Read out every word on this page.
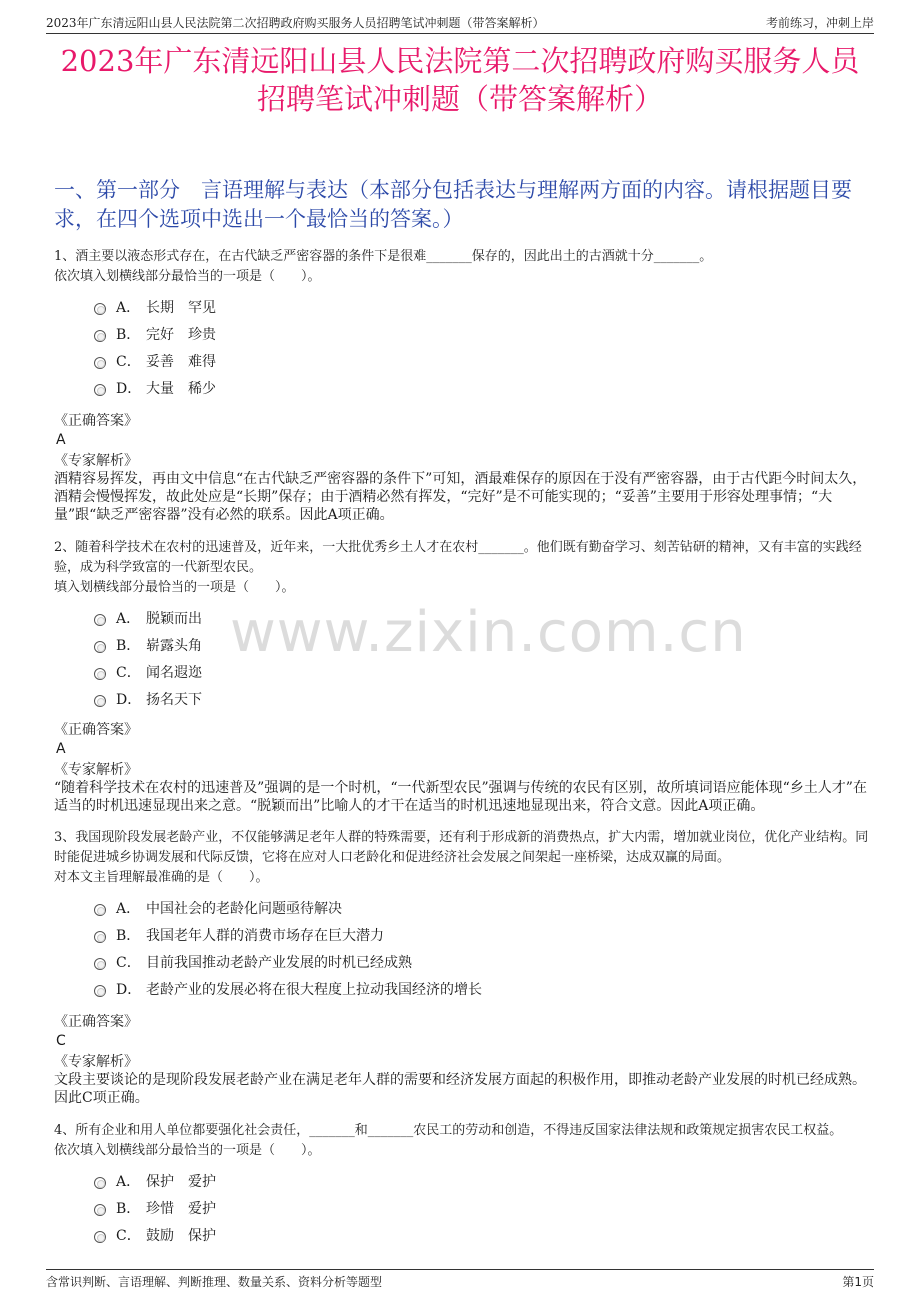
2023年广东清远阳山县人民法院第二次招聘政府购买服务人员招聘笔试冲刺题（带答案解析）	考前练习，冲刺上岸
2023年广东清远阳山县人民法院第二次招聘政府购买服务人员
招聘笔试冲刺题（带答案解析）
一、第一部分　言语理解与表达（本部分包括表达与理解两方面的内容。请根据题目要求，在四个选项中选出一个最恰当的答案。）
www.zixin.com.cn
1、酒主要以液态形式存在，在古代缺乏严密容器的条件下是很难_______保存的，因此出土的古酒就十分_______。
依次填入划横线部分最恰当的一项是（　　）。
A． 长期　罕见
B． 完好　珍贵
C． 妥善　难得
D． 大量　稀少
《正确答案》
A
《专家解析》
酒精容易挥发，再由文中信息“在古代缺乏严密容器的条件下”可知，酒最难保存的原因在于没有严密容器，由于古代距今时间太久，酒精会慢慢挥发，故此处应是“长期”保存；由于酒精必然有挥发，“完好”是不可能实现的；“妥善”主要用于形容处理事情；“大量”跟“缺乏严密容器”没有必然的联系。因此A项正确。
2、随着科学技术在农村的迅速普及，近年来，一大批优秀乡土人才在农村_______。他们既有勤奋学习、刻苦钻研的精神，又有丰富的实践经验，成为科学致富的一代新型农民。
填入划横线部分最恰当的一项是（　　）。
A． 脱颖而出
B． 崭露头角
C． 闻名遐迩
D． 扬名天下
《正确答案》
A
《专家解析》
“随着科学技术在农村的迅速普及”强调的是一个时机，“一代新型农民”强调与传统的农民有区别，故所填词语应能体现“乡土人才”在适当的时机迅速显现出来之意。“脱颖而出”比喻人的才干在适当的时机迅速地显现出来，符合文意。因此A项正确。
3、我国现阶段发展老龄产业，不仅能够满足老年人群的特殊需要，还有利于形成新的消费热点，扩大内需，增加就业岗位，优化产业结构。同时能促进城乡协调发展和代际反馈，它将在应对人口老龄化和促进经济社会发展之间架起一座桥梁，达成双赢的局面。
对本文主旨理解最准确的是（　　）。
A． 中国社会的老龄化问题亟待解决
B． 我国老年人群的消费市场存在巨大潜力
C． 目前我国推动老龄产业发展的时机已经成熟
D． 老龄产业的发展必将在很大程度上拉动我国经济的增长
《正确答案》
C
《专家解析》
文段主要谈论的是现阶段发展老龄产业在满足老年人群的需要和经济发展方面起的积极作用，即推动老龄产业发展的时机已经成熟。因此C项正确。
4、所有企业和用人单位都要强化社会责任，_______和_______农民工的劳动和创造，不得违反国家法律法规和政策规定损害农民工权益。
依次填入划横线部分最恰当的一项是（　　）。
A． 保护　爱护
B． 珍惜　爱护
C． 鼓励　保护
含常识判断、言语理解、判断推理、数量关系、资料分析等题型	第1页
